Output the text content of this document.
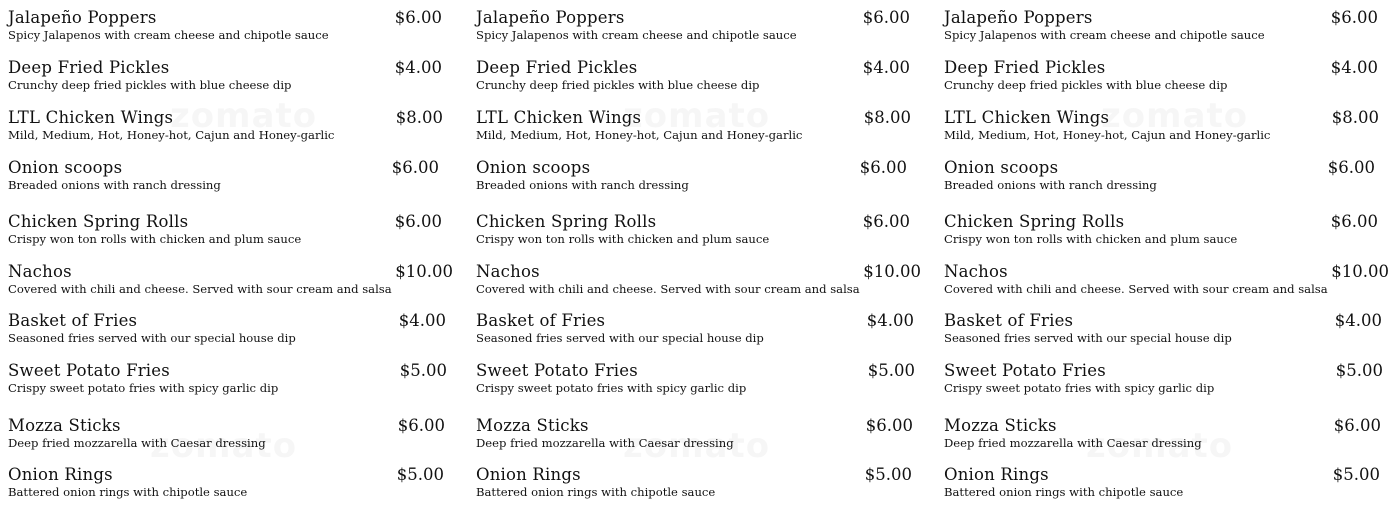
Jalapeño Poppers	$6.00
Spicy Jalapenos with cream cheese and chipotle sauce
Deep Fried Pickles	$4.00
Crunchy deep fried pickles with blue cheese dip
LTL Chicken Wings	$8.00
Mild, Medium, Hot, Honey-hot, Cajun and Honey-garlic
Onion scoops	$6.00
Breaded onions with ranch dressing
Chicken Spring Rolls	$6.00
Crispy won ton rolls with chicken and plum sauce
Nachos	$10.00
Covered with chili and cheese. Served with sour cream and salsa
Basket of Fries	$4.00
Seasoned fries served with our special house dip
Sweet Potato Fries	$5.00
Crispy sweet potato fries with spicy garlic dip
Mozza Sticks	$6.00
Deep fried mozzarella with Caesar dressing
Onion Rings	$5.00
Battered onion rings with chipotle sauce
Jalapeño Poppers	$6.00
Spicy Jalapenos with cream cheese and chipotle sauce
Deep Fried Pickles	$4.00
Crunchy deep fried pickles with blue cheese dip
LTL Chicken Wings	$8.00
Mild, Medium, Hot, Honey-hot, Cajun and Honey-garlic
Onion scoops	$6.00
Breaded onions with ranch dressing
Chicken Spring Rolls	$6.00
Crispy won ton rolls with chicken and plum sauce
Nachos	$10.00
Covered with chili and cheese. Served with sour cream and salsa
Basket of Fries	$4.00
Seasoned fries served with our special house dip
Sweet Potato Fries	$5.00
Crispy sweet potato fries with spicy garlic dip
Mozza Sticks	$6.00
Deep fried mozzarella with Caesar dressing
Onion Rings	$5.00
Battered onion rings with chipotle sauce
Jalapeño Poppers	$6.00
Spicy Jalapenos with cream cheese and chipotle sauce
Deep Fried Pickles	$4.00
Crunchy deep fried pickles with blue cheese dip
LTL Chicken Wings	$8.00
Mild, Medium, Hot, Honey-hot, Cajun and Honey-garlic
Onion scoops	$6.00
Breaded onions with ranch dressing
Chicken Spring Rolls	$6.00
Crispy won ton rolls with chicken and plum sauce
Nachos	$10.00
Covered with chili and cheese. Served with sour cream and salsa
Basket of Fries	$4.00
Seasoned fries served with our special house dip
Sweet Potato Fries	$5.00
Crispy sweet potato fries with spicy garlic dip
Mozza Sticks	$6.00
Deep fried mozzarella with Caesar dressing
Onion Rings	$5.00
Battered onion rings with chipotle sauce
